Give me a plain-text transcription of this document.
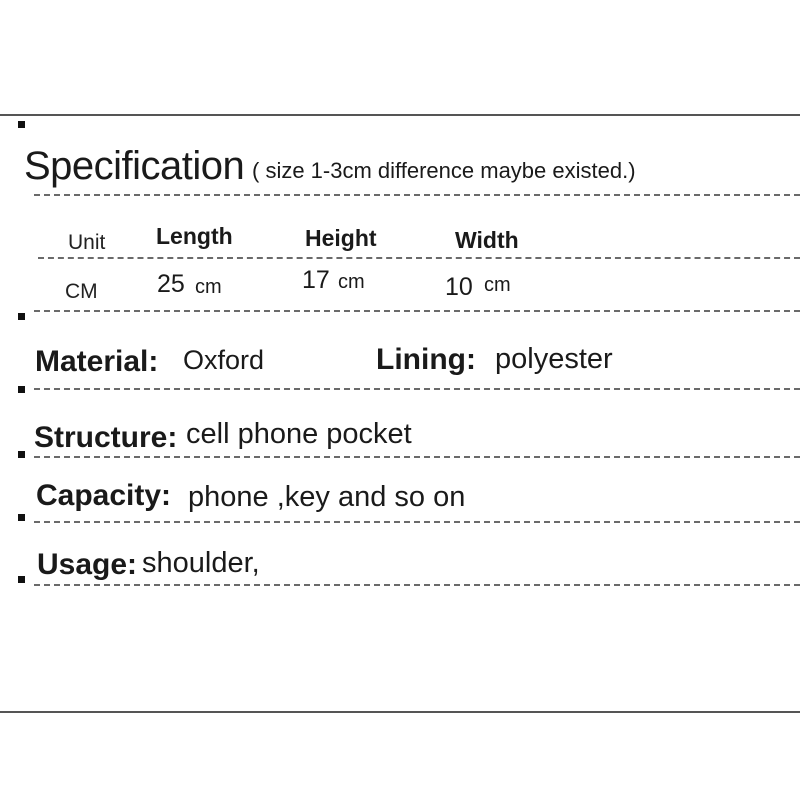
Specification ( size 1-3cm difference maybe existed.)
Unit Length	Height	Width
CM 25 cm	17 cm	10 cm
Material: Oxford	Lining: polyester
Structure: cell phone pocket
Capacity: phone ,key and so on
Usage: shoulder,
